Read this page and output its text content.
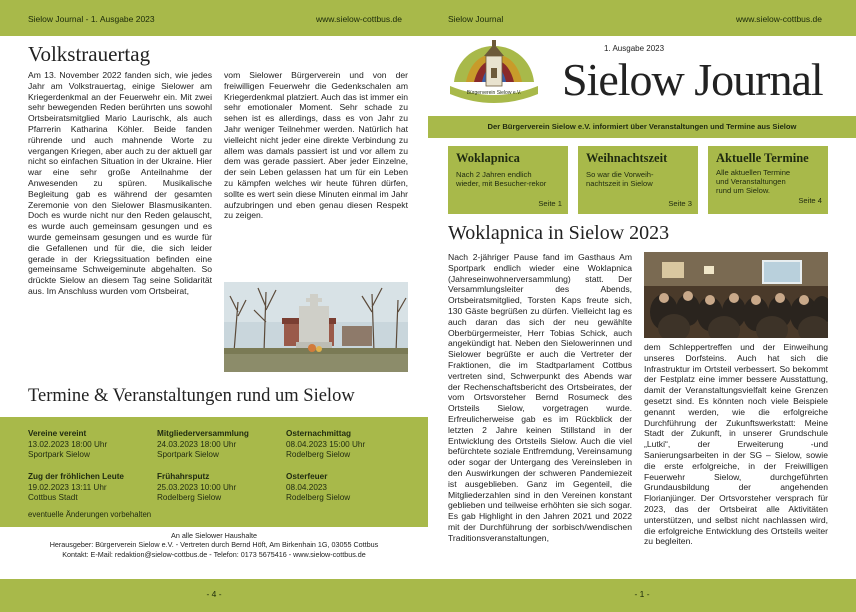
Sielow Journal - 1. Ausgabe 2023	www.sielow-cottbus.de
Volkstrauertag

Am 13. November 2022 fanden sich, wie jedes Jahr am Volkstrauertag, einige Sielower am Kriegerdenkmal an der Feuerwehr ein. Mit zwei sehr bewegenden Reden berührten uns sowohl Ortsbeiratsmitglied Mario Laurischk, als auch Pfarrerin Katharina Köhler. Beide fanden rührende und auch mahnende Worte zu vergangen Kriegen, aber auch zu der aktuell gar nicht so einfachen Situation in der Ukraine. Hier war eine sehr große Anteilnahme der Anwesenden zu spüren. Musikalische Begleitung gab es während der gesamten Zeremonie von den Sielower Blasmusikanten. Doch es wurde nicht nur den Reden gelauscht, es wurde auch gemeinsam gesungen und es wurde gemeinsam gesungen und es wurde für die Gefallenen und für die, die sich leider gerade in der Kriegssituation befinden eine gemeinsame Schweigeminute abgehalten. So drückte Sielow an diesem Tag seine Solidarität aus. Im Anschluss wurden vom Ortsbeirat,

vom Sielower Bürgerverein und von der freiwilligen Feuerwehr die Gedenkschalen am Kriegerdenkmal platziert. Auch das ist immer ein sehr emotionaler Moment. Sehr schade zu sehen ist es allerdings, dass es von Jahr zu Jahr weniger Teilnehmer werden. Natürlich hat vielleicht nicht jeder eine direkte Verbindung zu allem was damals passiert ist und vor allem zu dem was gerade passiert. Aber jeder Einzelne, der sein Leben gelassen hat um für ein Leben zu kämpfen welches wir heute führen dürfen, sollte es wert sein diese Minuten einmal im Jahr aufzubringen und eben genau diesen Respekt zu zeigen.

Termine & Veranstaltungen rund um Sielow
Vereine vereint
13.02.2023 18:00 Uhr
Sportpark Sielow
Mitgliederversammlung
24.03.2023 18:00 Uhr
Sportpark Sielow
Osternachmittag
08.04.2023 15:00 Uhr
Rodelberg Sielow
Zug der fröhlichen Leute
19.02.2023 13:11 Uhr
Cottbus Stadt
Frühahrsputz
25.03.2023 10:00 Uhr
Rodelberg Sielow
Osterfeuer
08.04.2023
Rodelberg Sielow
eventuelle Änderungen vorbehalten
An alle Sielower Haushalte
Herausgeber: Bürgerverein Sielow e.V. - Vertreten durch Bernd Höft, Am Birkenhain 1G, 03055 Cottbus
Kontakt: E-Mail: redaktion@sielow-cottbus.de - Telefon: 0173 5675416 - www.sielow-cottbus.de
- 4 -
Sielow Journal	www.sielow-cottbus.de
Bürgerverein Sielow e.V.
1. Ausgabe 2023
Sielow Journal
Der Bürgerverein Sielow e.V. informiert über Veranstaltungen und Termine aus Sielow
Woklapnica
Nach 2 Jahren endlich wieder, mit Besucher-rekor
Seite 1
Weihnachtszeit
So war die Vorweih-nachtszeit in Sielow
Seite 3
Aktuelle Termine
Alle aktuellen Termine und Veranstaltungen rund um Sielow.
Seite 4
Woklapnica in Sielow 2023

Nach 2-jähriger Pause fand im Gasthaus Am Sportpark endlich wieder eine Woklapnica (Jahreseinwohnerversammlung) statt. Der Versammlungsleiter des Abends, Ortsbeiratsmitglied, Torsten Kaps freute sich, 130 Gäste begrüßen zu dürfen. Vielleicht lag es auch daran das sich der neu gewählte Oberbürgermeister, Herr Tobias Schick, auch angekündigt hat. Neben den Sielowerinnen und Sielower begrüßte er auch die Vertreter der Fraktionen, die im Stadtparlament Cottbus vertreten sind, Schwerpunkt des Abends war der Rechenschaftsbericht des Ortsbeirates, der vom Ortsvorsteher Bernd Rosumeck des Ortsteils Sielow, vorgetragen wurde. Erfreulicherweise gab es im Rückblick der letzten 2 Jahre keinen Stillstand in der Entwicklung des Ortsteils Sielow. Auch die viel befürchtete soziale Entfremdung, Vereinsamung oder sogar der Untergang des Vereinsleben in den Auswirkungen der schweren Pandemiezeit ist ausgeblieben. Ganz im Gegenteil, die Mitgliederzahlen sind in den Vereinen konstant geblieben und teilweise erhöhten sie sich sogar. Es gab Highlight in den Jahren 2021 und 2022 mit der Durchführung der sorbisch/wendischen Traditionsveranstaltungen,

dem Schleppertreffen und der Einweihung unseres Dorfsteins. Auch hat sich die Infrastruktur im Ortsteil verbessert. So bekommt der Festplatz eine immer bessere Ausstattung, damit der Veranstaltungsvielfalt keine Grenzen gesetzt sind. Es könnten noch viele Beispiele genannt werden, wie die erfolgreiche Durchführung der Zukunftswerkstatt: Meine Stadt der Zukunft, in unserer Grundschule „Lutki“, der Erweiterung -und Sanierungsarbeiten in der SG – Sielow, sowie die erste erfolgreiche, in der Freiwilligen Feuerwehr Sielow, durchgeführten Grundausbildung der angehenden Florianjünger. Der Ortsvorsteher versprach für 2023, das der Ortsbeirat alle Aktivitäten unterstützen, und selbst nicht nachlassen wird, die erfolgreiche Entwicklung des Ortsteils weiter zu begleiten.

- 1 -
